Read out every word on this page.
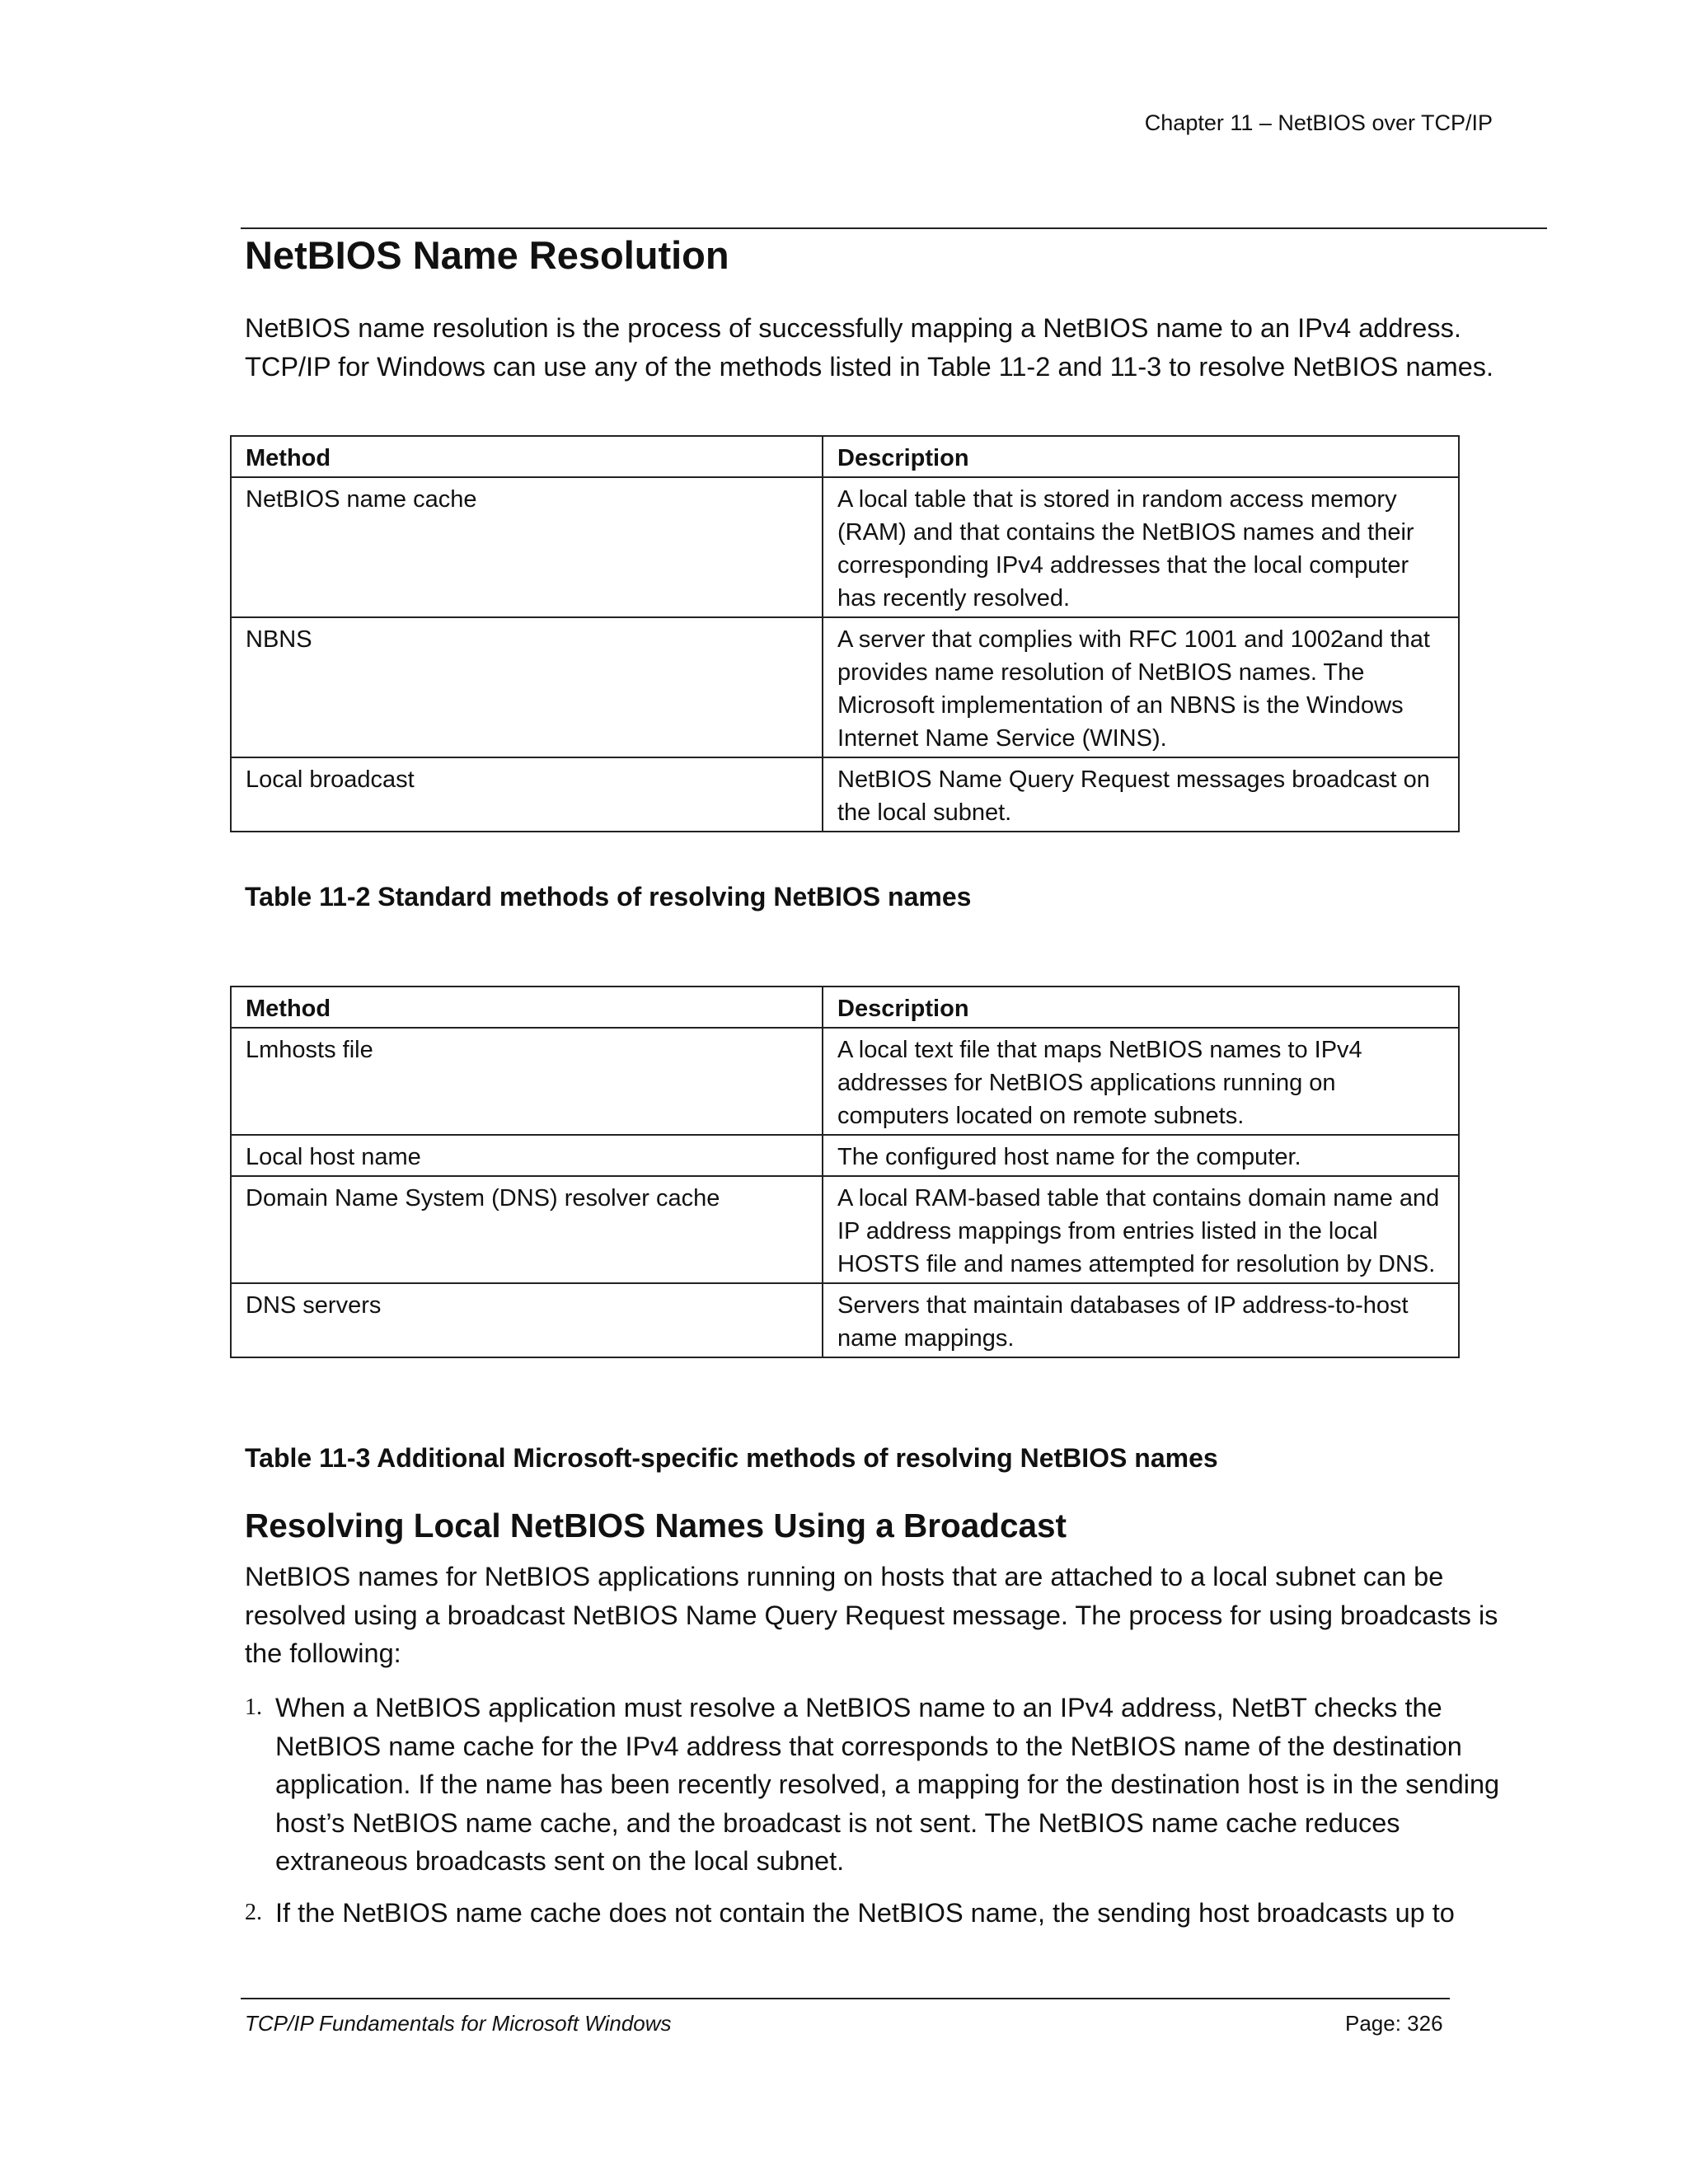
Chapter 11 – NetBIOS over TCP/IP
NetBIOS Name Resolution

NetBIOS name resolution is the process of successfully mapping a NetBIOS name to an IPv4 address. TCP/IP for Windows can use any of the methods listed in Table 11-2 and 11-3 to resolve NetBIOS names.

Method	Description
NetBIOS name cache	A local table that is stored in random access memory (RAM) and that contains the NetBIOS names and their corresponding IPv4 addresses that the local computer has recently resolved.
NBNS	A server that complies with RFC 1001 and 1002and that provides name resolution of NetBIOS names. The Microsoft implementation of an NBNS is the Windows Internet Name Service (WINS).
Local broadcast	NetBIOS Name Query Request messages broadcast on the local subnet.

Table 11-2 Standard methods of resolving NetBIOS names

Method	Description
Lmhosts file	A local text file that maps NetBIOS names to IPv4 addresses for NetBIOS applications running on computers located on remote subnets.
Local host name	The configured host name for the computer.
Domain Name System (DNS) resolver cache	A local RAM-based table that contains domain name and IP address mappings from entries listed in the local HOSTS file and names attempted for resolution by DNS.
DNS servers	Servers that maintain databases of IP address-to-host name mappings.

Table 11-3 Additional Microsoft-specific methods of resolving NetBIOS names

Resolving Local NetBIOS Names Using a Broadcast

NetBIOS names for NetBIOS applications running on hosts that are attached to a local subnet can be resolved using a broadcast NetBIOS Name Query Request message. The process for using broadcasts is the following:

1. When a NetBIOS application must resolve a NetBIOS name to an IPv4 address, NetBT checks the NetBIOS name cache for the IPv4 address that corresponds to the NetBIOS name of the destination application. If the name has been recently resolved, a mapping for the destination host is in the sending host’s NetBIOS name cache, and the broadcast is not sent. The NetBIOS name cache reduces extraneous broadcasts sent on the local subnet.
2. If the NetBIOS name cache does not contain the NetBIOS name, the sending host broadcasts up to
TCP/IP Fundamentals for Microsoft Windows	Page: 326
